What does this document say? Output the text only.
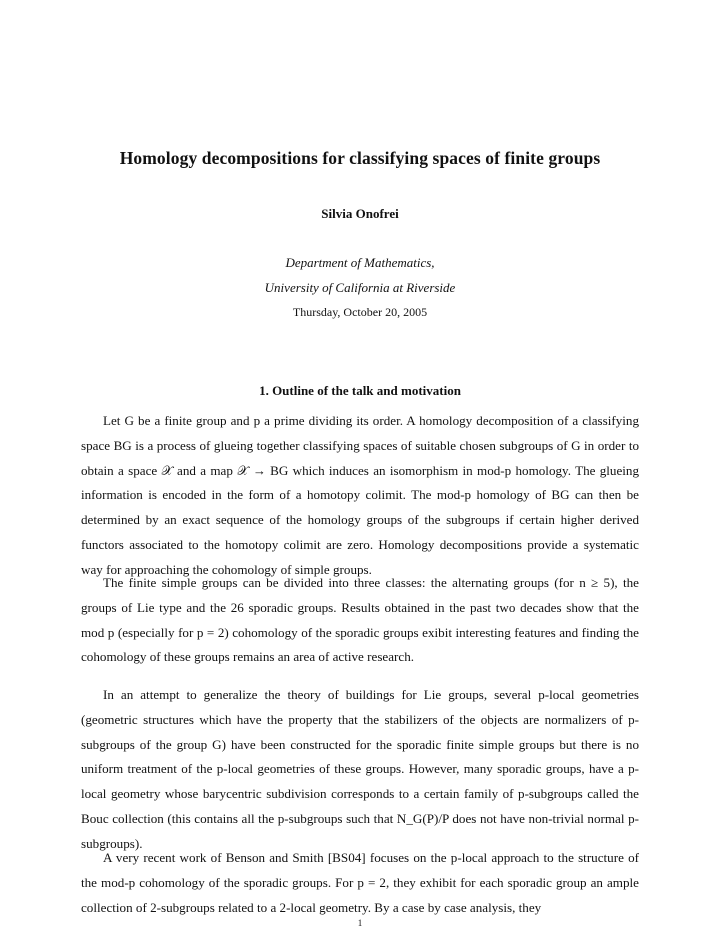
Homology decompositions for classifying spaces of finite groups
Silvia Onofrei
Department of Mathematics,
University of California at Riverside
Thursday, October 20, 2005
1. Outline of the talk and motivation

Let G be a finite group and p a prime dividing its order. A homology decomposition of a classifying space BG is a process of glueing together classifying spaces of suitable chosen subgroups of G in order to obtain a space 𝒳 and a map 𝒳 → BG which induces an isomorphism in mod-p homology. The glueing information is encoded in the form of a homotopy colimit. The mod-p homology of BG can then be determined by an exact sequence of the homology groups of the subgroups if certain higher derived functors associated to the homotopy colimit are zero. Homology decompositions provide a systematic way for approaching the cohomology of simple groups.

The finite simple groups can be divided into three classes: the alternating groups (for n ≥ 5), the groups of Lie type and the 26 sporadic groups. Results obtained in the past two decades show that the mod p (especially for p = 2) cohomology of the sporadic groups exibit interesting features and finding the cohomology of these groups remains an area of active research.

In an attempt to generalize the theory of buildings for Lie groups, several p-local geometries (geometric structures which have the property that the stabilizers of the objects are normalizers of p-subgroups of the group G) have been constructed for the sporadic finite simple groups but there is no uniform treatment of the p-local geometries of these groups. However, many sporadic groups, have a p-local geometry whose barycentric subdivision corresponds to a certain family of p-subgroups called the Bouc collection (this contains all the p-subgroups such that N_G(P)/P does not have non-trivial normal p-subgroups).

A very recent work of Benson and Smith [BS04] focuses on the p-local approach to the structure of the mod-p cohomology of the sporadic groups. For p = 2, they exhibit for each sporadic group an ample collection of 2-subgroups related to a 2-local geometry. By a case by case analysis, they

1
